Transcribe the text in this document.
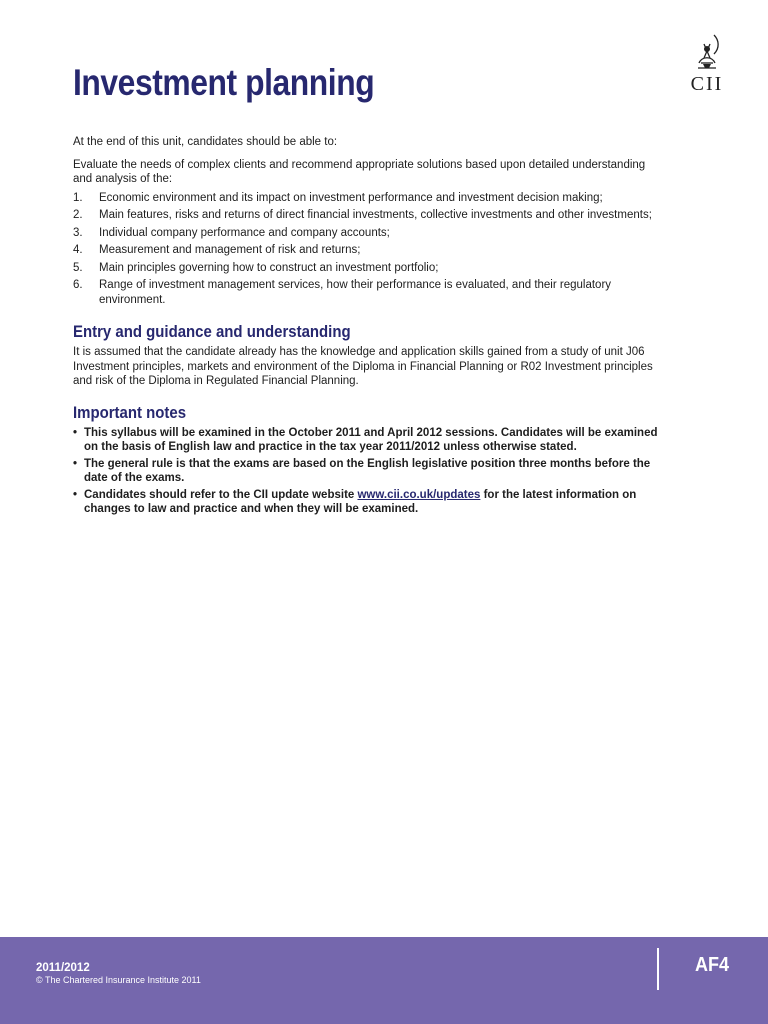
Investment planning	CII

At the end of this unit, candidates should be able to:

Evaluate the needs of complex clients and recommend appropriate solutions based upon detailed understanding and analysis of the:

1. Economic environment and its impact on investment performance and investment decision making;
2. Main features, risks and returns of direct financial investments, collective investments and other investments;
3. Individual company performance and company accounts;
4. Measurement and management of risk and returns;
5. Main principles governing how to construct an investment portfolio;
6. Range of investment management services, how their performance is evaluated, and their regulatory environment.
Entry and guidance and understanding

It is assumed that the candidate already has the knowledge and application skills gained from a study of unit J06 Investment principles, markets and environment of the Diploma in Financial Planning or R02 Investment principles and risk of the Diploma in Regulated Financial Planning.

Important notes
• This syllabus will be examined in the October 2011 and April 2012 sessions. Candidates will be examined on the basis of English law and practice in the tax year 2011/2012 unless otherwise stated.
• The general rule is that the exams are based on the English legislative position three months before the date of the exams.
• Candidates should refer to the CII update website www.cii.co.uk/updates for the latest information on changes to law and practice and when they will be examined.
2011/2012
© The Chartered Insurance Institute 2011
AF4
